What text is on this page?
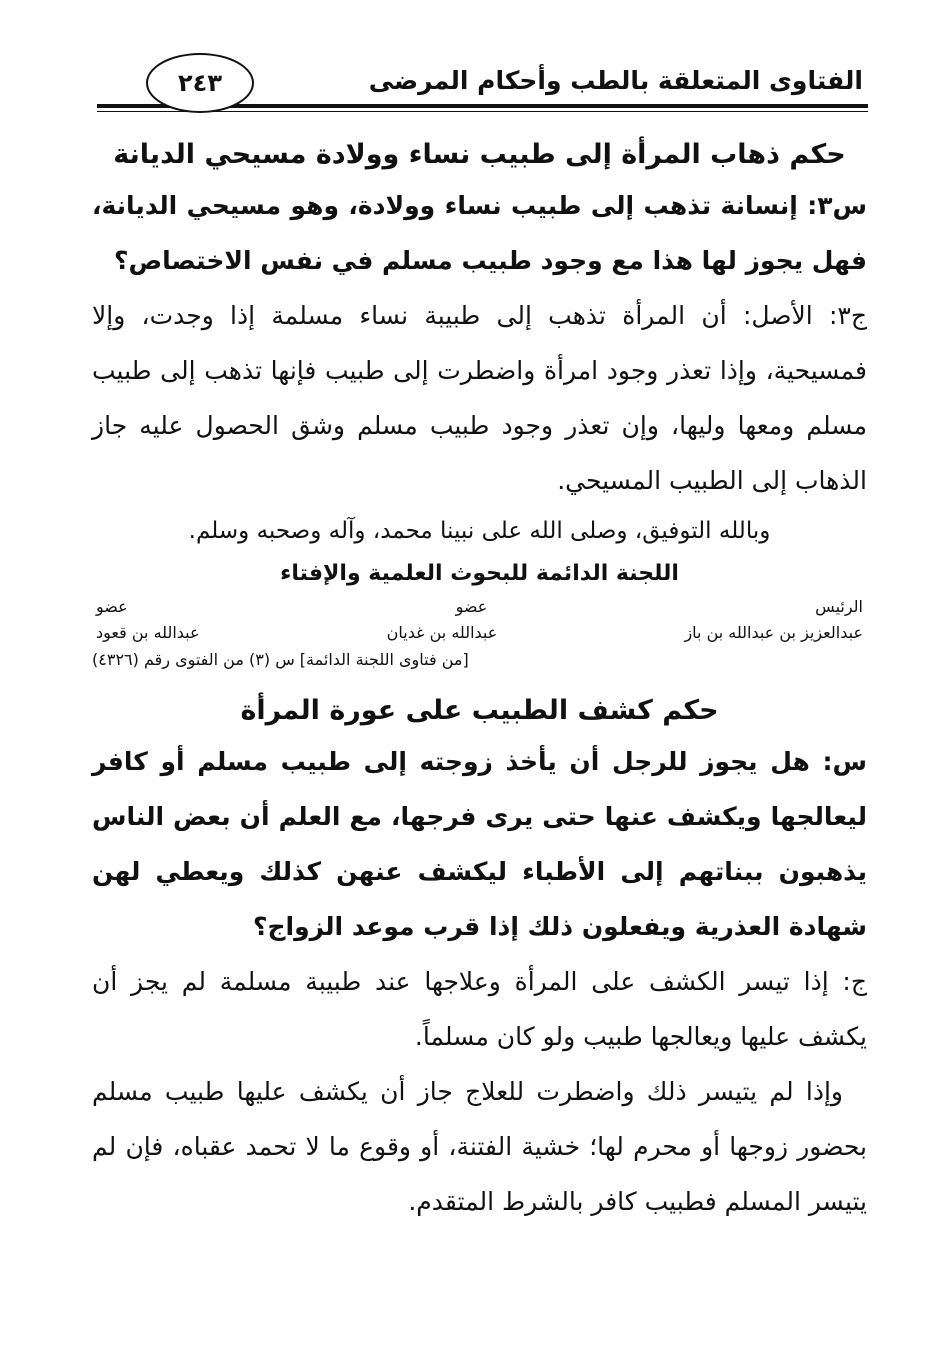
الفتاوى المتعلقة بالطب وأحكام المرضى
٢٤٣
حكم ذهاب المرأة إلى طبيب نساء وولادة مسيحي الديانة

س٣: إنسانة تذهب إلى طبيب نساء وولادة، وهو مسيحي الديانة، فهل يجوز لها هذا مع وجود طبيب مسلم في نفس الاختصاص؟

ج٣: الأصل: أن المرأة تذهب إلى طبيبة نساء مسلمة إذا وجدت، وإلا فمسيحية، وإذا تعذر وجود امرأة واضطرت إلى طبيب فإنها تذهب إلى طبيب مسلم ومعها وليها، وإن تعذر وجود طبيب مسلم وشق الحصول عليه جاز الذهاب إلى الطبيب المسيحي.

وبالله التوفيق، وصلى الله على نبينا محمد، وآله وصحبه وسلم.

اللجنة الدائمة للبحوث العلمية والإفتاء

الرئيس
عضو
عضو
عبدالعزيز بن عبدالله بن باز
عبدالله بن غديان
عبدالله بن قعود

[من فتاوى اللجنة الدائمة] س (٣) من الفتوى رقم (٤٣٢٦)

حكم كشف الطبيب على عورة المرأة

س: هل يجوز للرجل أن يأخذ زوجته إلى طبيب مسلم أو كافر ليعالجها ويكشف عنها حتى يرى فرجها، مع العلم أن بعض الناس يذهبون ببناتهم إلى الأطباء ليكشف عنهن كذلك ويعطي لهن شهادة العذرية ويفعلون ذلك إذا قرب موعد الزواج؟

ج: إذا تيسر الكشف على المرأة وعلاجها عند طبيبة مسلمة لم يجز أن يكشف عليها ويعالجها طبيب ولو كان مسلماً.

وإذا لم يتيسر ذلك واضطرت للعلاج جاز أن يكشف عليها طبيب مسلم بحضور زوجها أو محرم لها؛ خشية الفتنة، أو وقوع ما لا تحمد عقباه، فإن لم يتيسر المسلم فطبيب كافر بالشرط المتقدم.
